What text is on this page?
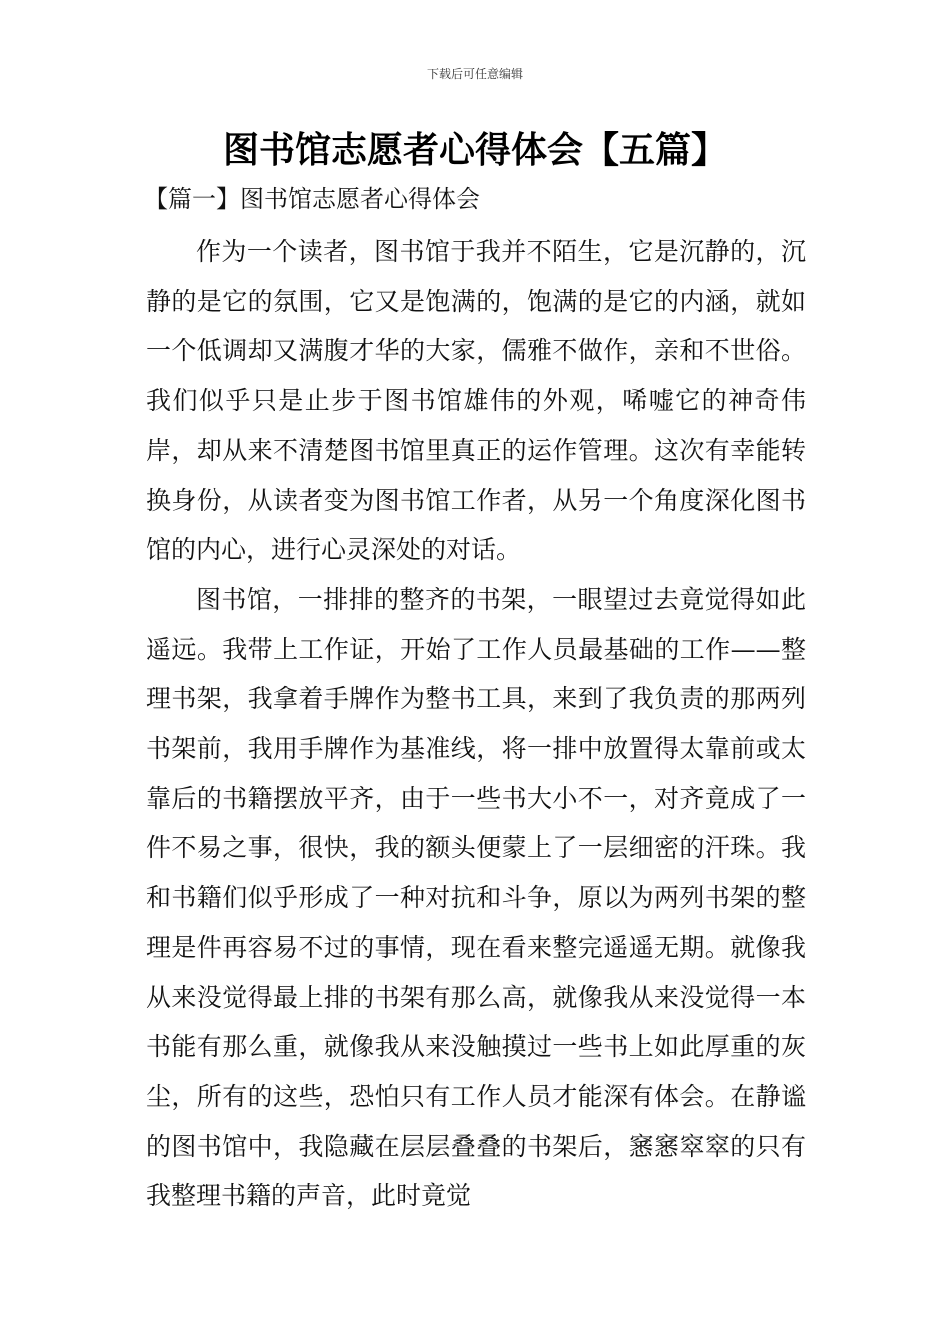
下载后可任意编辑
图书馆志愿者心得体会【五篇】
【篇一】图书馆志愿者心得体会

作为一个读者，图书馆于我并不陌生，它是沉静的，沉静的是它的氛围，它又是饱满的，饱满的是它的内涵，就如一个低调却又满腹才华的大家，儒雅不做作，亲和不世俗。我们似乎只是止步于图书馆雄伟的外观，唏嘘它的神奇伟岸，却从来不清楚图书馆里真正的运作管理。这次有幸能转换身份，从读者变为图书馆工作者，从另一个角度深化图书馆的内心，进行心灵深处的对话。

图书馆，一排排的整齐的书架，一眼望过去竟觉得如此遥远。我带上工作证，开始了工作人员最基础的工作——整理书架，我拿着手牌作为整书工具，来到了我负责的那两列书架前，我用手牌作为基准线，将一排中放置得太靠前或太靠后的书籍摆放平齐，由于一些书大小不一，对齐竟成了一件不易之事，很快，我的额头便蒙上了一层细密的汗珠。我和书籍们似乎形成了一种对抗和斗争，原以为两列书架的整理是件再容易不过的事情，现在看来整完遥遥无期。就像我从来没觉得最上排的书架有那么高，就像我从来没觉得一本书能有那么重，就像我从来没触摸过一些书上如此厚重的灰尘，所有的这些，恐怕只有工作人员才能深有体会。在静谧的图书馆中，我隐藏在层层叠叠的书架后，窸窸窣窣的只有我整理书籍的声音，此时竟觉
